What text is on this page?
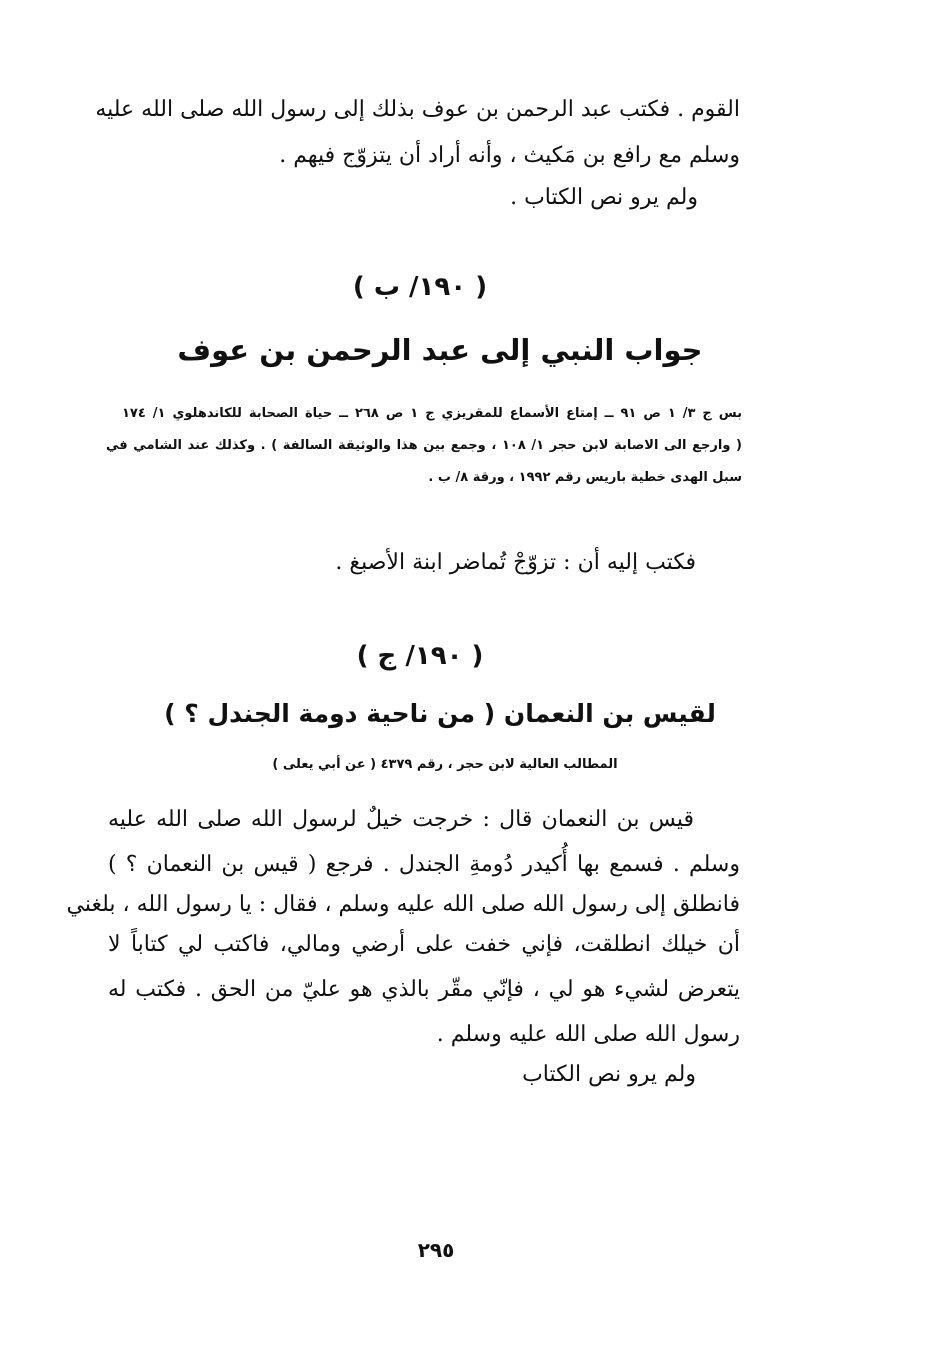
القوم . فكتب عبد الرحمن بن عوف بذلك إلى رسول الله صلى الله عليه
وسلم مع رافع بن مَكيث ، وأنه أراد أن يتزوّج فيهم .
ولم يرو نص الكتاب .
( ١٩٠/ ب )
جواب النبي إلى عبد الرحمن بن عوف
بس ج ٣/ ١ ص ٩١ ــ إمتاع الأسماع للمقريزي ج ١ ص ٢٦٨ ــ حياة الصحابة للكاندهلوي ١/ ١٧٤
( وارجع الى الاصابة لابن حجر ١/ ١٠٨ ، وجمع بين هذا والوثيقة السالفة ) . وكذلك عند الشامي في
سبل الهدى خطية باريس رقم ١٩٩٢ ، ورقة ٨/ ب .
فكتب إليه أن : تزوّجْ تُماضر ابنة الأصبغ .
( ١٩٠/ ج )
لقيس بن النعمان ( من ناحية دومة الجندل ؟ )
المطالب العالية لابن حجر ، رقم ٤٣٧٩ ( عن أبي يعلى )
قيس بن النعمان قال : خرجت خيلٌ لرسول الله صلى الله عليه
وسلم . فسمع بها أُكيدر دُومةِ الجندل . فرجع ( قيس بن النعمان ؟ )
فانطلق إلى رسول الله صلى الله عليه وسلم ، فقال : يا رسول الله ، بلغني
أن خيلك انطلقت، فإني خفت على أرضي ومالي، فاكتب لي كتاباً لا
يتعرض لشيء هو لي ، فإنّي مقّر بالذي هو عليّ من الحق . فكتب له
رسول الله صلى الله عليه وسلم .
ولم يرو نص الكتاب
٢٩٥
